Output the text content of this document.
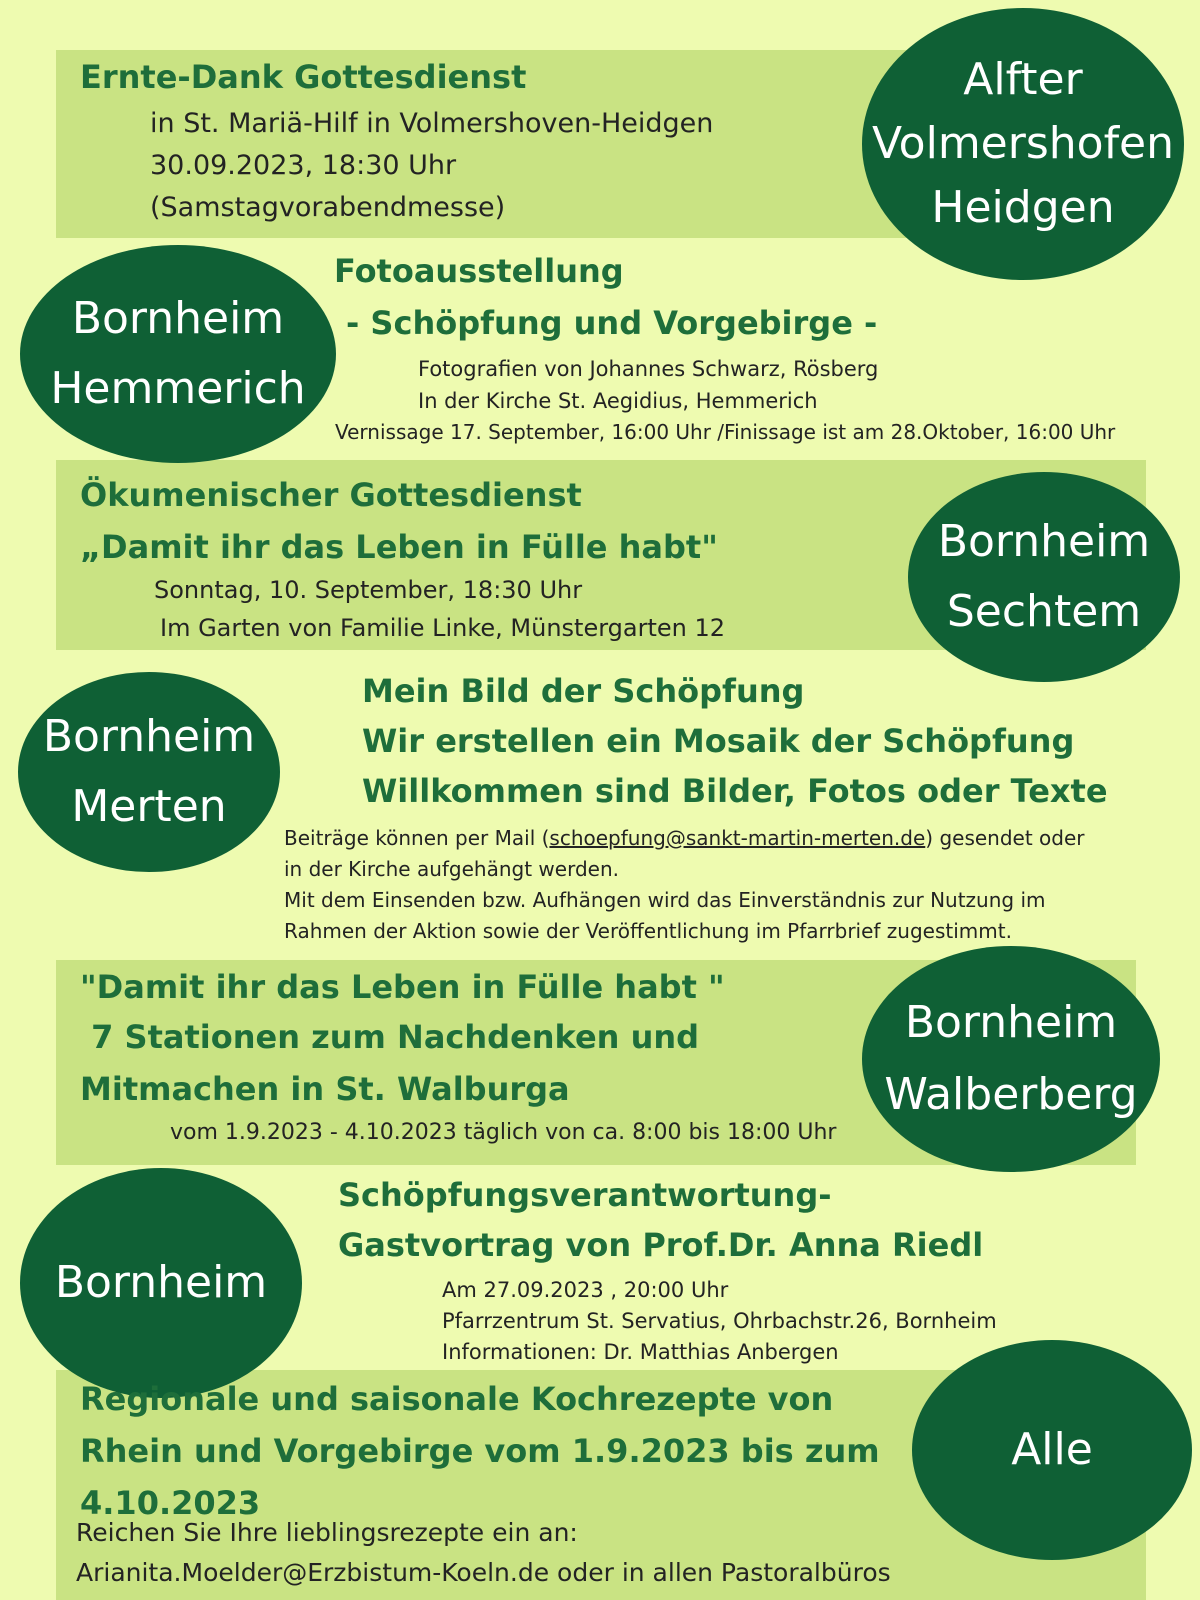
Alfter
Volmershofen
Heidgen

Ernte-Dank Gottesdienst

in St. Mariä-Hilf in Volmershoven-Heidgen

30.09.2023, 18:30 Uhr

(Samstagvorabendmesse)

Bornheim
Hemmerich

Fotoausstellung

- Schöpfung und Vorgebirge -

Fotografien von Johannes Schwarz, Rösberg

In der Kirche St. Aegidius, Hemmerich

Vernissage 17. September, 16:00 Uhr /Finissage ist am 28.Oktober, 16:00 Uhr

Bornheim
Sechtem

Ökumenischer Gottesdienst

„Damit ihr das Leben in Fülle habt"

Sonntag, 10. September, 18:30 Uhr

Im Garten von Familie Linke, Münstergarten 12

Bornheim
Merten

Mein Bild der Schöpfung

Wir erstellen ein Mosaik der Schöpfung

Willkommen sind Bilder, Fotos oder Texte

Beiträge können per Mail (schoepfung@sankt-martin-merten.de) gesendet oder

in der Kirche aufgehängt werden.

Mit dem Einsenden bzw. Aufhängen wird das Einverständnis zur Nutzung im

Rahmen der Aktion sowie der Veröffentlichung im Pfarrbrief zugestimmt.

Bornheim
Walberberg

"Damit ihr das Leben in Fülle habt "

7 Stationen zum Nachdenken und

Mitmachen in St. Walburga

vom 1.9.2023 - 4.10.2023 täglich von ca. 8:00 bis 18:00 Uhr

Bornheim

Schöpfungsverantwortung-

Gastvortrag von Prof.Dr. Anna Riedl

Am 27.09.2023 , 20:00 Uhr

Pfarrzentrum St. Servatius, Ohrbachstr.26, Bornheim

Informationen: Dr. Matthias Anbergen

Alle

Regionale und saisonale Kochrezepte von

Rhein und Vorgebirge vom 1.9.2023 bis zum

4.10.2023

Reichen Sie Ihre lieblingsrezepte ein an:

Arianita.Moelder@Erzbistum-Koeln.de oder in allen Pastoralbüros
